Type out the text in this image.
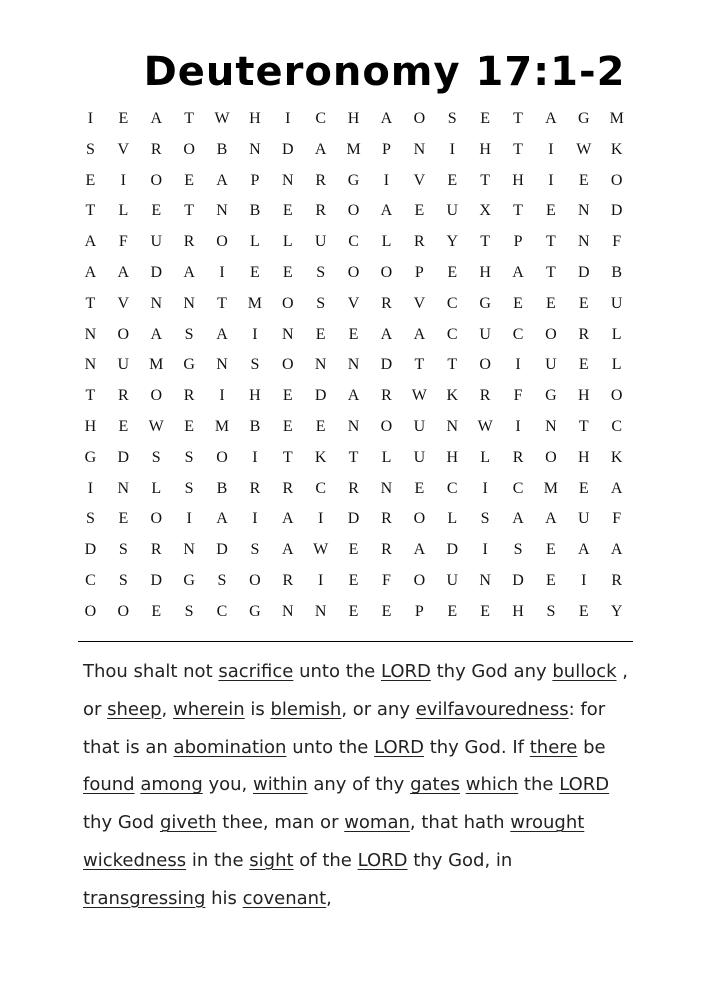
Deuteronomy 17:1-2
I	E	A	T	W	H	I	C	H	A	O	S	E	T	A	G	M
S	V	R	O	B	N	D	A	M	P	N	I	H	T	I	W	K
E	I	O	E	A	P	N	R	G	I	V	E	T	H	I	E	O
T	L	E	T	N	B	E	R	O	A	E	U	X	T	E	N	D
A	F	U	R	O	L	L	U	C	L	R	Y	T	P	T	N	F
A	A	D	A	I	E	E	S	O	O	P	E	H	A	T	D	B
T	V	N	N	T	M	O	S	V	R	V	C	G	E	E	E	U
N	O	A	S	A	I	N	E	E	A	A	C	U	C	O	R	L
N	U	M	G	N	S	O	N	N	D	T	T	O	I	U	E	L
T	R	O	R	I	H	E	D	A	R	W	K	R	F	G	H	O
H	E	W	E	M	B	E	E	N	O	U	N	W	I	N	T	C
G	D	S	S	O	I	T	K	T	L	U	H	L	R	O	H	K
I	N	L	S	B	R	R	C	R	N	E	C	I	C	M	E	A
S	E	O	I	A	I	A	I	D	R	O	L	S	A	A	U	F
D	S	R	N	D	S	A	W	E	R	A	D	I	S	E	A	A
C	S	D	G	S	O	R	I	E	F	O	U	N	D	E	I	R
O	O	E	S	C	G	N	N	E	E	P	E	E	H	S	E	Y
Thou shalt not sacrifice unto the LORD thy God any bullock , or sheep, wherein is blemish, or any evilfavouredness: for that is an abomination unto the LORD thy God. If there be found among you, within any of thy gates which the LORD thy God giveth thee, man or woman, that hath wrought wickedness in the sight of the LORD thy God, in transgressing his covenant,
